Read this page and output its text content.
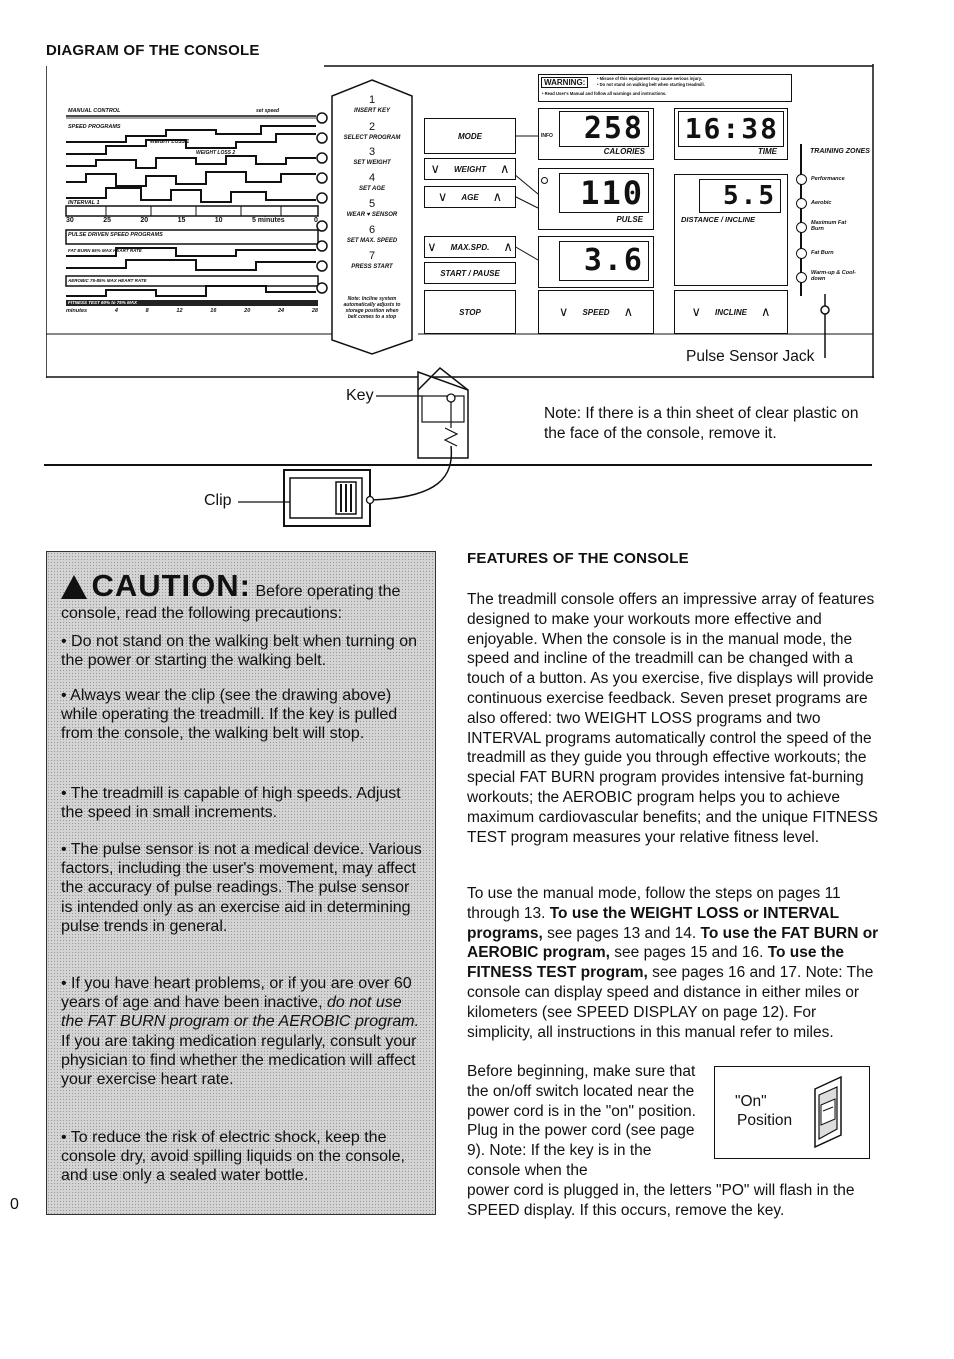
DIAGRAM OF THE CONSOLE
MANUAL CONTROL	set speed
SPEED PROGRAMS
WEIGHT LOSS 1
WEIGHT LOSS 2
INTERVAL 1
30	25	20	15	10	5 minutes	0
PULSE DRIVEN SPEED PROGRAMS
FAT BURN 65% MAX HEART RATE
AEROBIC 75-85% MAX HEART RATE
FITNESS TEST 60% to 75% MAX
minutes	4	8	12	16	20	24	28
1
INSERT KEY
2
SELECT PROGRAM
3
SET WEIGHT
4
SET AGE
5
WEAR ♥ SENSOR
6
SET MAX. SPEED
7
PRESS START
Note: Incline system automatically adjusts to storage position when belt comes to a stop
MODE
∨ WEIGHT ∧
∨ AGE ∧
∨ MAX.SPD. ∧
START / PAUSE
STOP
WARNING:	• Misuse of this equipment may cause serious injury.
• Do not stand on walking belt when starting treadmill.
• Read User's Manual and follow all warnings and instructions.
INFO 258
CALORIES
16:38
TIME
110
PULSE
5.5
DISTANCE / INCLINE
3.6
∨ SPEED ∧	∨ INCLINE ∧
TRAINING ZONES
Performance
Aerobic
Maximum Fat Burn
Fat Burn
Warm-up & Cool-down
Pulse Sensor Jack
Key
Clip
Note: If there is a thin sheet of clear plastic on the face of the console, remove it.
CAUTION: Before operating the console, read the following precautions:
• Do not stand on the walking belt when turning on the power or starting the walking belt.
• Always wear the clip (see the drawing above) while operating the treadmill. If the key is pulled from the console, the walking belt will stop.
• The treadmill is capable of high speeds. Adjust the speed in small increments.
• The pulse sensor is not a medical device. Various factors, including the user's movement, may affect the accuracy of pulse readings. The pulse sensor is intended only as an exercise aid in determining pulse trends in general.
• If you have heart problems, or if you are over 60 years of age and have been inactive, do not use the FAT BURN program or the AEROBIC program. If you are taking medication regularly, consult your physician to find whether the medication will affect your exercise heart rate.
• To reduce the risk of electric shock, keep the console dry, avoid spilling liquids on the console, and use only a sealed water bottle.
0
FEATURES OF THE CONSOLE
The treadmill console offers an impressive array of features designed to make your workouts more effective and enjoyable. When the console is in the manual mode, the speed and incline of the treadmill can be changed with a touch of a button. As you exercise, five displays will provide continuous exercise feedback. Seven preset programs are also offered: two WEIGHT LOSS programs and two INTERVAL programs automatically control the speed of the treadmill as they guide you through effective workouts; the special FAT BURN program provides intensive fat-burning workouts; the AEROBIC program helps you to achieve maximum cardiovascular benefits; and the unique FITNESS TEST program measures your relative fitness level.
To use the manual mode, follow the steps on pages 11 through 13. To use the WEIGHT LOSS or INTERVAL programs, see pages 13 and 14. To use the FAT BURN or AEROBIC program, see pages 15 and 16. To use the FITNESS TEST program, see pages 16 and 17. Note: The console can display speed and distance in either miles or kilometers (see SPEED DISPLAY on page 12). For simplicity, all instructions in this manual refer to miles.
"On"
Position
Before beginning, make sure that the on/off switch located near the power cord is in the "on" position. Plug in the power cord (see page 9). Note: If the key is in the console when the
power cord is plugged in, the letters "PO" will flash in the SPEED display. If this occurs, remove the key.
